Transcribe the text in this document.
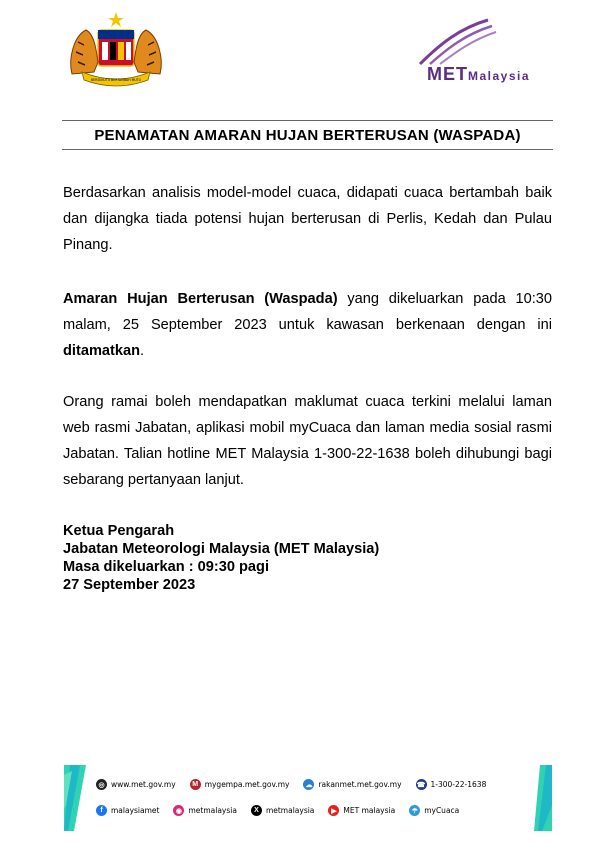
BERSEKUTU BERTAMBAH MUTU	METMalaysia
PENAMATAN AMARAN HUJAN BERTERUSAN (WASPADA)

Berdasarkan analisis model-model cuaca, didapati cuaca bertambah baik dan dijangka tiada potensi hujan berterusan di Perlis, Kedah dan Pulau Pinang.

Amaran Hujan Berterusan (Waspada) yang dikeluarkan pada 10:30 malam, 25 September 2023 untuk kawasan berkenaan dengan ini ditamatkan.

Orang ramai boleh mendapatkan maklumat cuaca terkini melalui laman web rasmi Jabatan, aplikasi mobil myCuaca dan laman media sosial rasmi Jabatan. Talian hotline MET Malaysia 1-300-22-1638 boleh dihubungi bagi sebarang pertanyaan lanjut.

Ketua Pengarah
Jabatan Meteorologi Malaysia (MET Malaysia)
Masa dikeluarkan : 09:30 pagi
27 September 2023
◎ www.met.gov.my	M mygempa.met.gov.my ☁ rakanmet.met.gov.my ☎ 1-300-22-1638
f	malaysiamet	◉ metmalaysia	X metmalaysia	▶ MET malaysia	☂ myCuaca
